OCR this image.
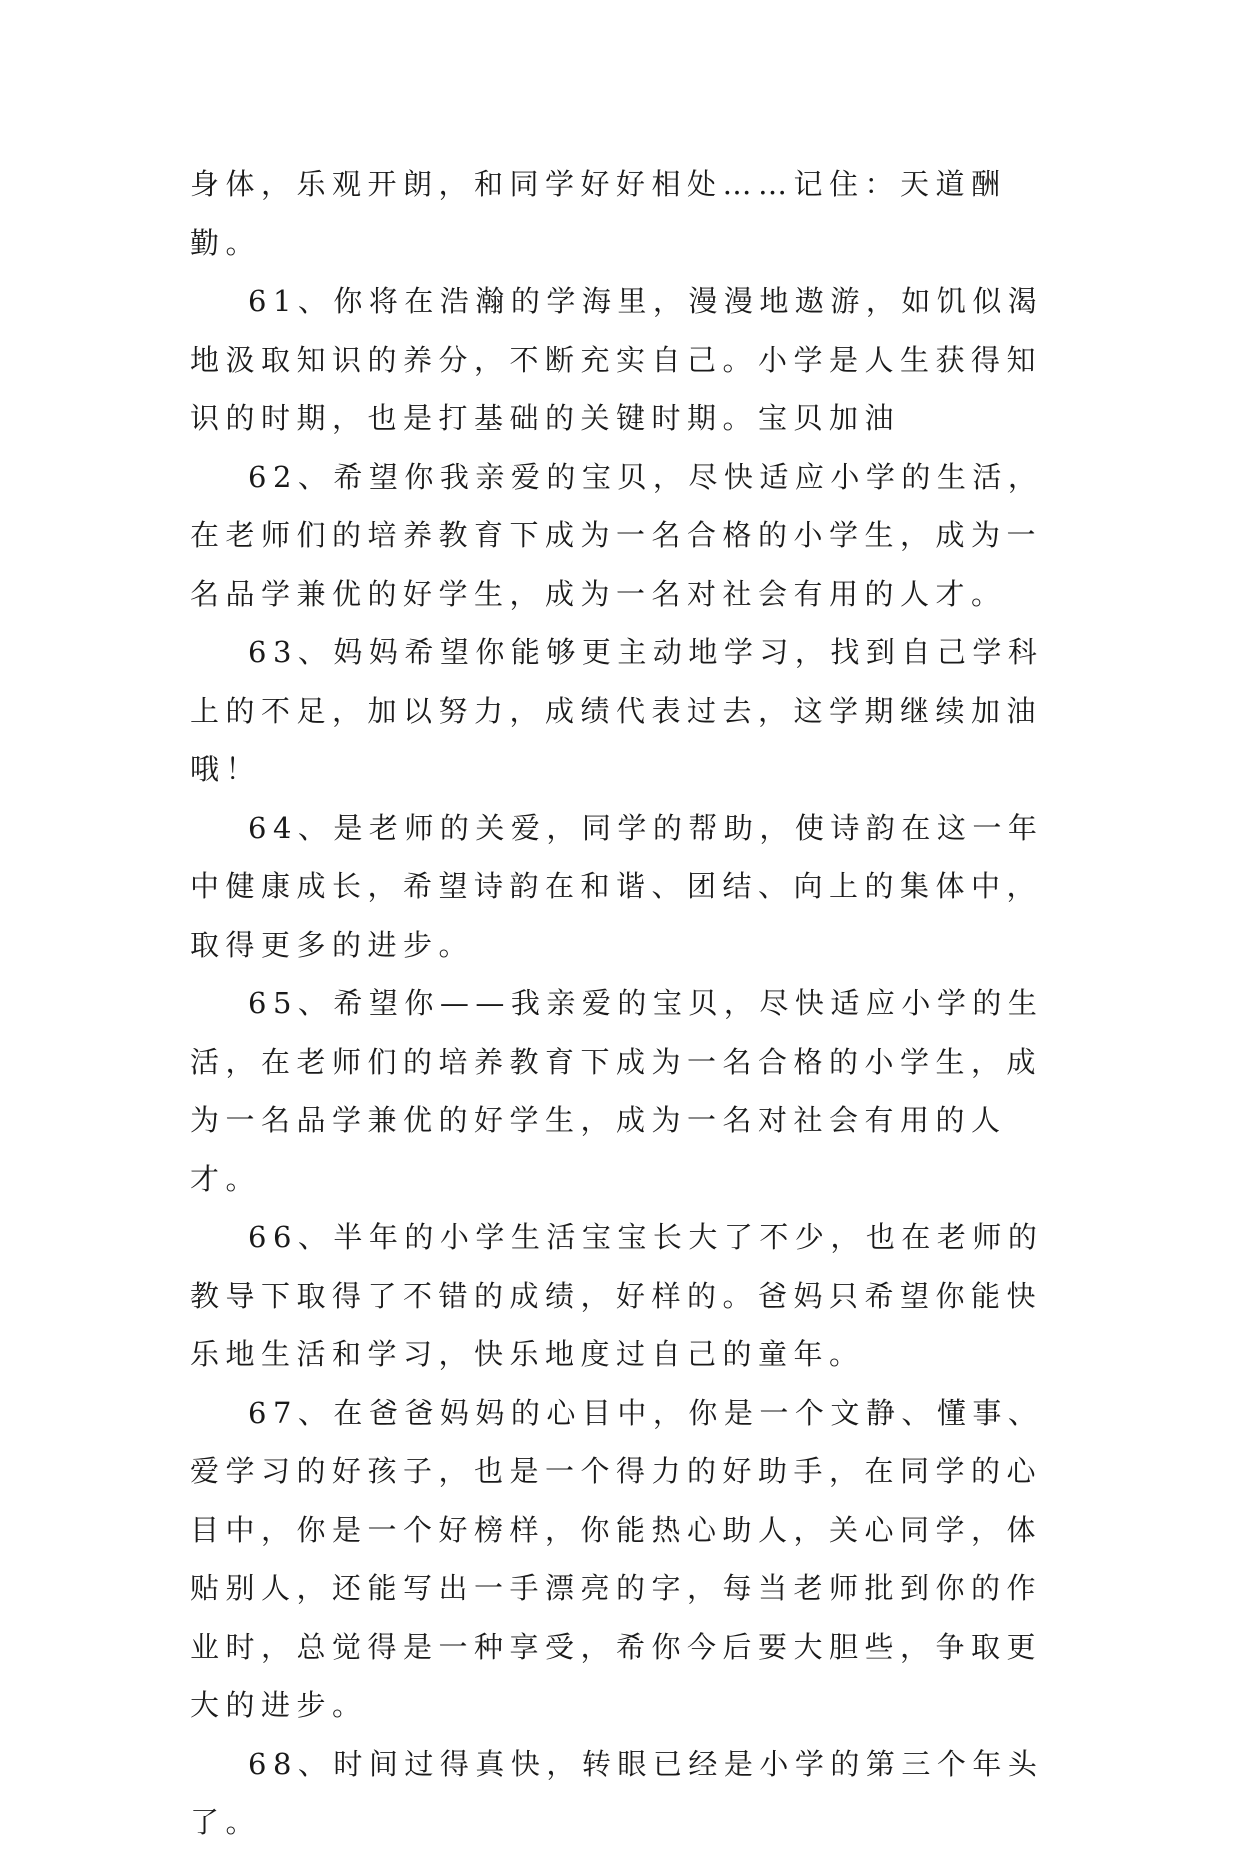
身体，乐观开朗，和同学好好相处……记住：天道酬勤。

61、你将在浩瀚的学海里，漫漫地遨游，如饥似渴地汲取知识的养分，不断充实自己。小学是人生获得知识的时期，也是打基础的关键时期。宝贝加油

62、希望你我亲爱的宝贝，尽快适应小学的生活，在老师们的培养教育下成为一名合格的小学生，成为一名品学兼优的好学生，成为一名对社会有用的人才。

63、妈妈希望你能够更主动地学习，找到自己学科上的不足，加以努力，成绩代表过去，这学期继续加油哦！

64、是老师的关爱，同学的帮助，使诗韵在这一年中健康成长，希望诗韵在和谐、团结、向上的集体中，取得更多的进步。

65、希望你——我亲爱的宝贝，尽快适应小学的生活，在老师们的培养教育下成为一名合格的小学生，成为一名品学兼优的好学生，成为一名对社会有用的人才。

66、半年的小学生活宝宝长大了不少，也在老师的教导下取得了不错的成绩，好样的。爸妈只希望你能快乐地生活和学习，快乐地度过自己的童年。

67、在爸爸妈妈的心目中，你是一个文静、懂事、爱学习的好孩子，也是一个得力的好助手，在同学的心目中，你是一个好榜样，你能热心助人，关心同学，体贴别人，还能写出一手漂亮的字，每当老师批到你的作业时，总觉得是一种享受，希你今后要大胆些，争取更大的进步。

68、时间过得真快，转眼已经是小学的第三个年头了。
